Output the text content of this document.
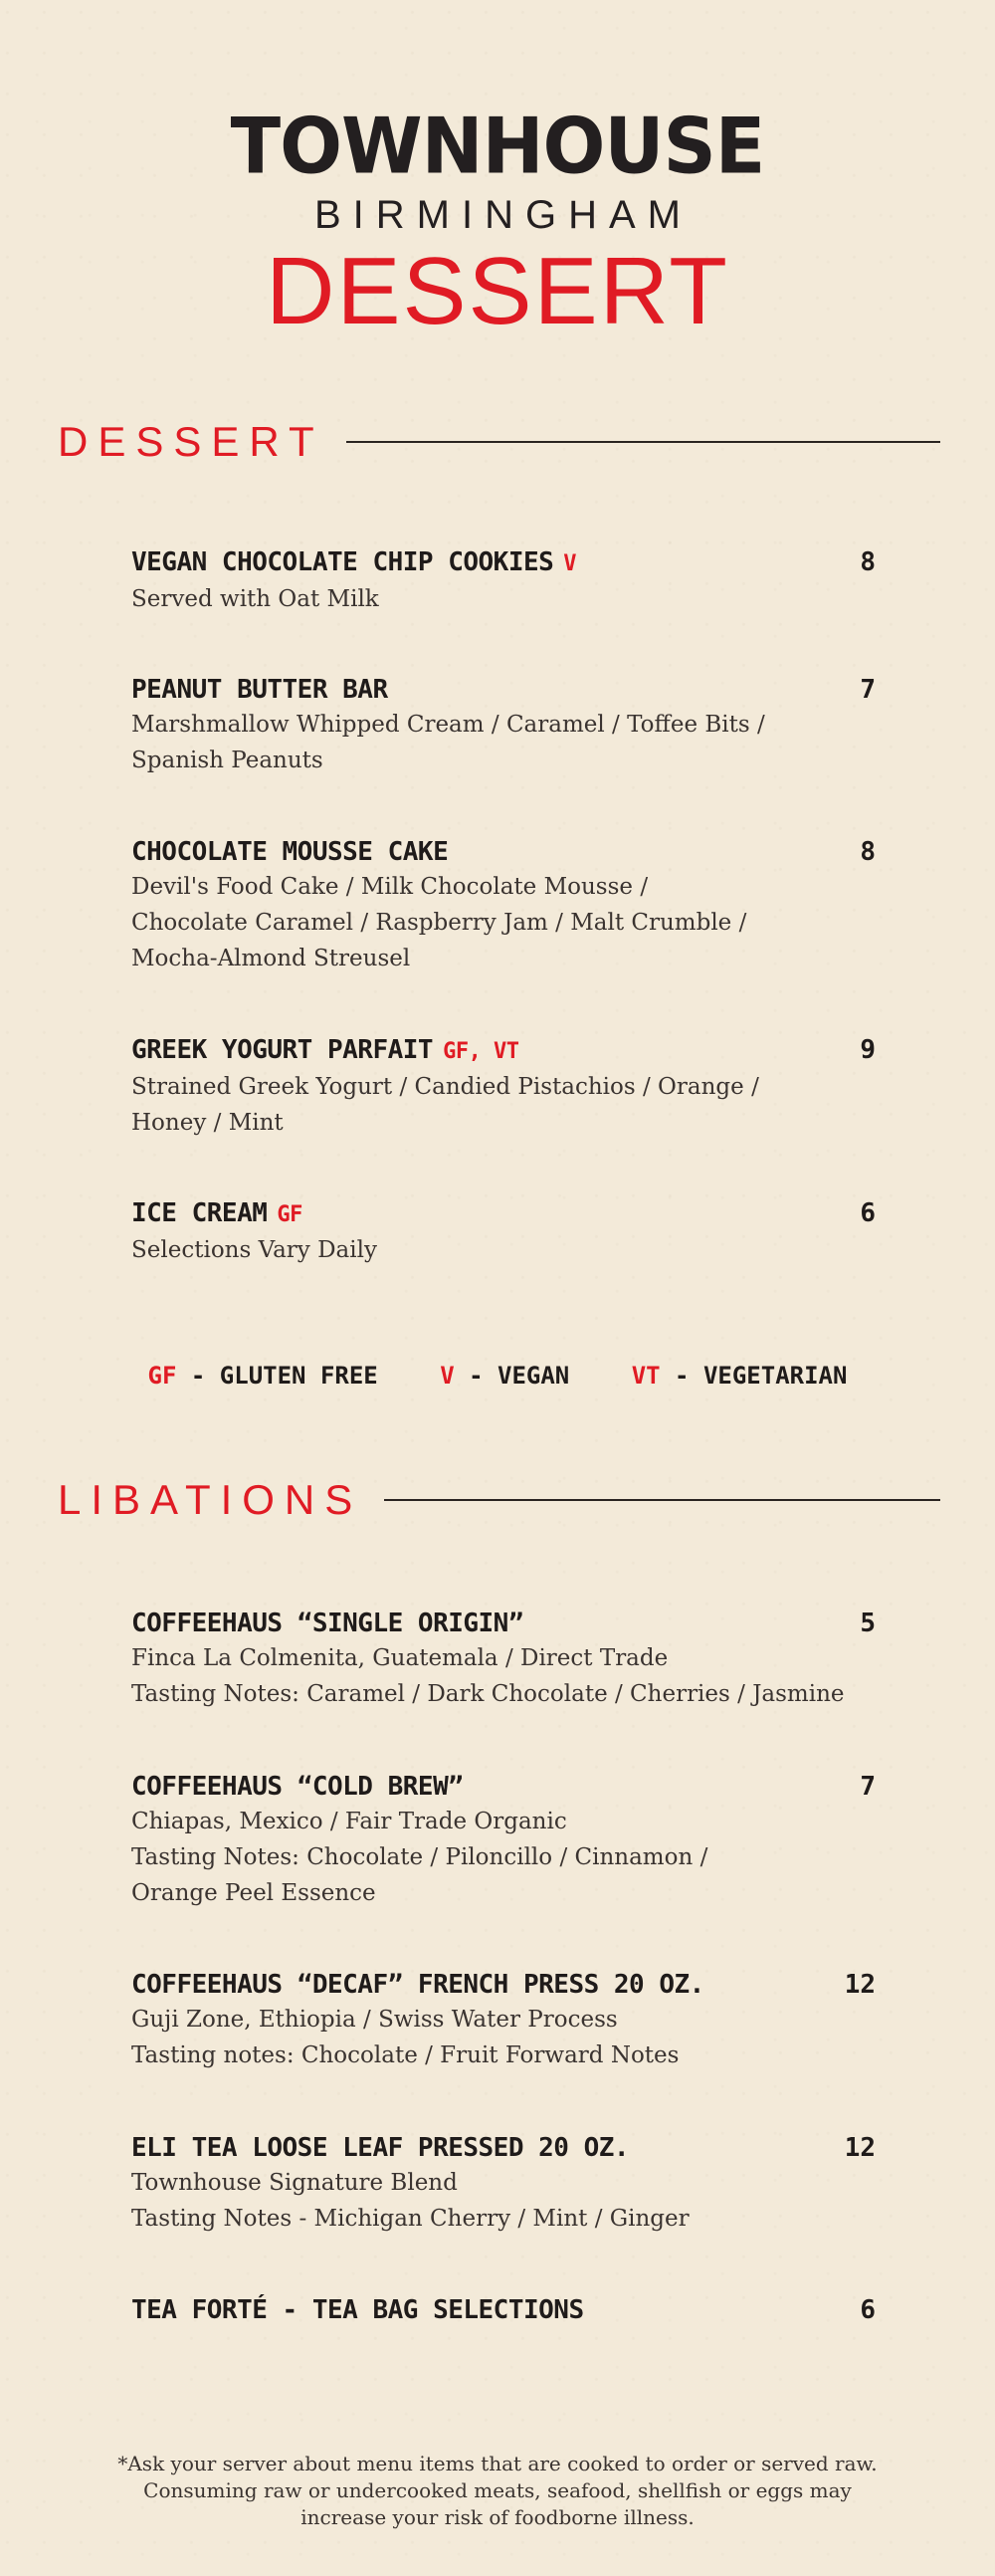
TOWNHOUSE
BIRMINGHAM
DESSERT
DESSERT
VEGAN CHOCOLATE CHIP COOKIES V	8
Served with Oat Milk
PEANUT BUTTER BAR	7
Marshmallow Whipped Cream / Caramel / Toffee Bits /
Spanish Peanuts
CHOCOLATE MOUSSE CAKE	8
Devil's Food Cake / Milk Chocolate Mousse /
Chocolate Caramel / Raspberry Jam / Malt Crumble /
Mocha-Almond Streusel
GREEK YOGURT PARFAIT GF, VT	9
Strained Greek Yogurt / Candied Pistachios / Orange /
Honey / Mint
ICE CREAM GF	6
Selections Vary Daily
GF - GLUTEN FREE	V - VEGAN	VT - VEGETARIAN
LIBATIONS
COFFEEHAUS “SINGLE ORIGIN”	5
Finca La Colmenita, Guatemala / Direct Trade
Tasting Notes: Caramel / Dark Chocolate / Cherries / Jasmine
COFFEEHAUS “COLD BREW”	7
Chiapas, Mexico / Fair Trade Organic
Tasting Notes: Chocolate / Piloncillo / Cinnamon /
Orange Peel Essence
COFFEEHAUS “DECAF” FRENCH PRESS 20 OZ.	12
Guji Zone, Ethiopia / Swiss Water Process
Tasting notes: Chocolate / Fruit Forward Notes
ELI TEA LOOSE LEAF PRESSED 20 OZ.	12
Townhouse Signature Blend
Tasting Notes - Michigan Cherry / Mint / Ginger
TEA FORTÉ - TEA BAG SELECTIONS	6
*Ask your server about menu items that are cooked to order or served raw.
Consuming raw or undercooked meats, seafood, shellfish or eggs may
increase your risk of foodborne illness.
